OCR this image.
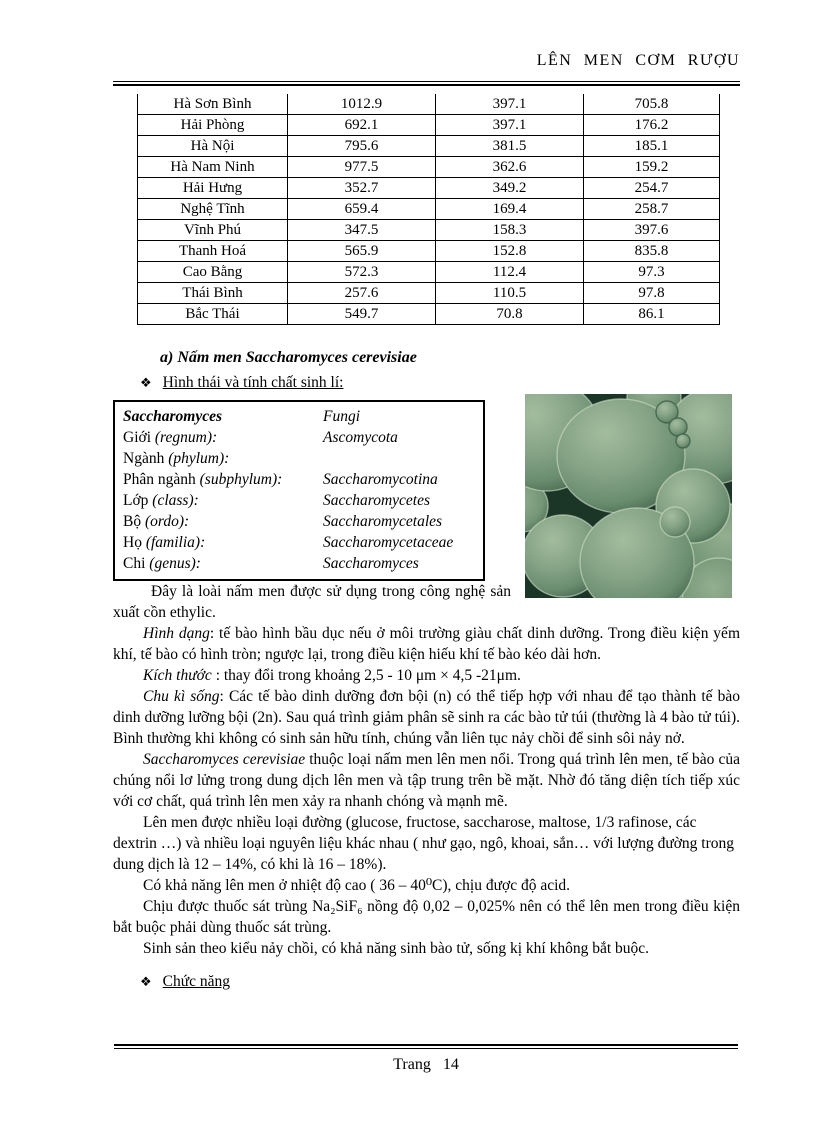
LÊN MEN CƠM RƯỢU
Hà Sơn Bình	1012.9	397.1	705.8
Hải Phòng	692.1	397.1	176.2
Hà Nội	795.6	381.5	185.1
Hà Nam Ninh	977.5	362.6	159.2
Hải Hưng	352.7	349.2	254.7
Nghệ Tĩnh	659.4	169.4	258.7
Vĩnh Phú	347.5	158.3	397.6
Thanh Hoá	565.9	152.8	835.8
Cao Bằng	572.3	112.4	97.3
Thái Bình	257.6	110.5	97.8
Bắc Thái	549.7	70.8	86.1
a) Nấm men Saccharomyces cerevisiae
❖ Hình thái và tính chất sinh lí:
Saccharomyces	Fungi
Giới (regnum):	Ascomycota
Ngành (phylum):
Phân ngành (subphylum):	Saccharomycotina
Lớp (class):	Saccharomycetes
Bộ (ordo):	Saccharomycetales
Họ (familia):	Saccharomycetaceae
Chi (genus):	Saccharomyces

Đây là loài nấm men được sử dụng trong công nghệ sản xuất cồn ethylic.

Hình dạng: tế bào hình bầu dục nếu ở môi trường giàu chất dinh dưỡng. Trong điều kiện yếm khí, tế bào có hình tròn; ngược lại, trong điều kiện hiếu khí tế bào kéo dài hơn.

Kích thước : thay đổi trong khoảng 2,5 - 10 μm × 4,5 -21μm.

Chu kì sống: Các tế bào dinh dưỡng đơn bội (n) có thể tiếp hợp với nhau để tạo thành tế bào dinh dưỡng lưỡng bội (2n). Sau quá trình giảm phân sẽ sinh ra các bào tử túi (thường là 4 bào tử túi). Bình thường khi không có sinh sản hữu tính, chúng vẫn liên tục nảy chồi để sinh sôi nảy nở.

Saccharomyces cerevisiae thuộc loại nấm men lên men nổi. Trong quá trình lên men, tế bào của chúng nổi lơ lửng trong dung dịch lên men và tập trung trên bề mặt. Nhờ đó tăng diện tích tiếp xúc với cơ chất, quá trình lên men xảy ra nhanh chóng và mạnh mẽ.

Lên men được nhiều loại đường (glucose, fructose, saccharose, maltose, 1/3 rafinose, các dextrin …) và nhiều loại nguyên liệu khác nhau ( như gạo, ngô, khoai, sắn… với lượng đường trong dung dịch là 12 – 14%, có khi là 16 – 18%).

Có khả năng lên men ở nhiệt độ cao ( 36 – 40⁰C), chịu được độ acid.

Chịu được thuốc sát trùng Na₂SiF₆ nồng độ 0,02 – 0,025% nên có thể lên men trong điều kiện bắt buộc phải dùng thuốc sát trùng.

Sinh sản theo kiểu nảy chồi, có khả năng sinh bào tử, sống kị khí không bắt buộc.

❖ Chức năng
Trang 14
